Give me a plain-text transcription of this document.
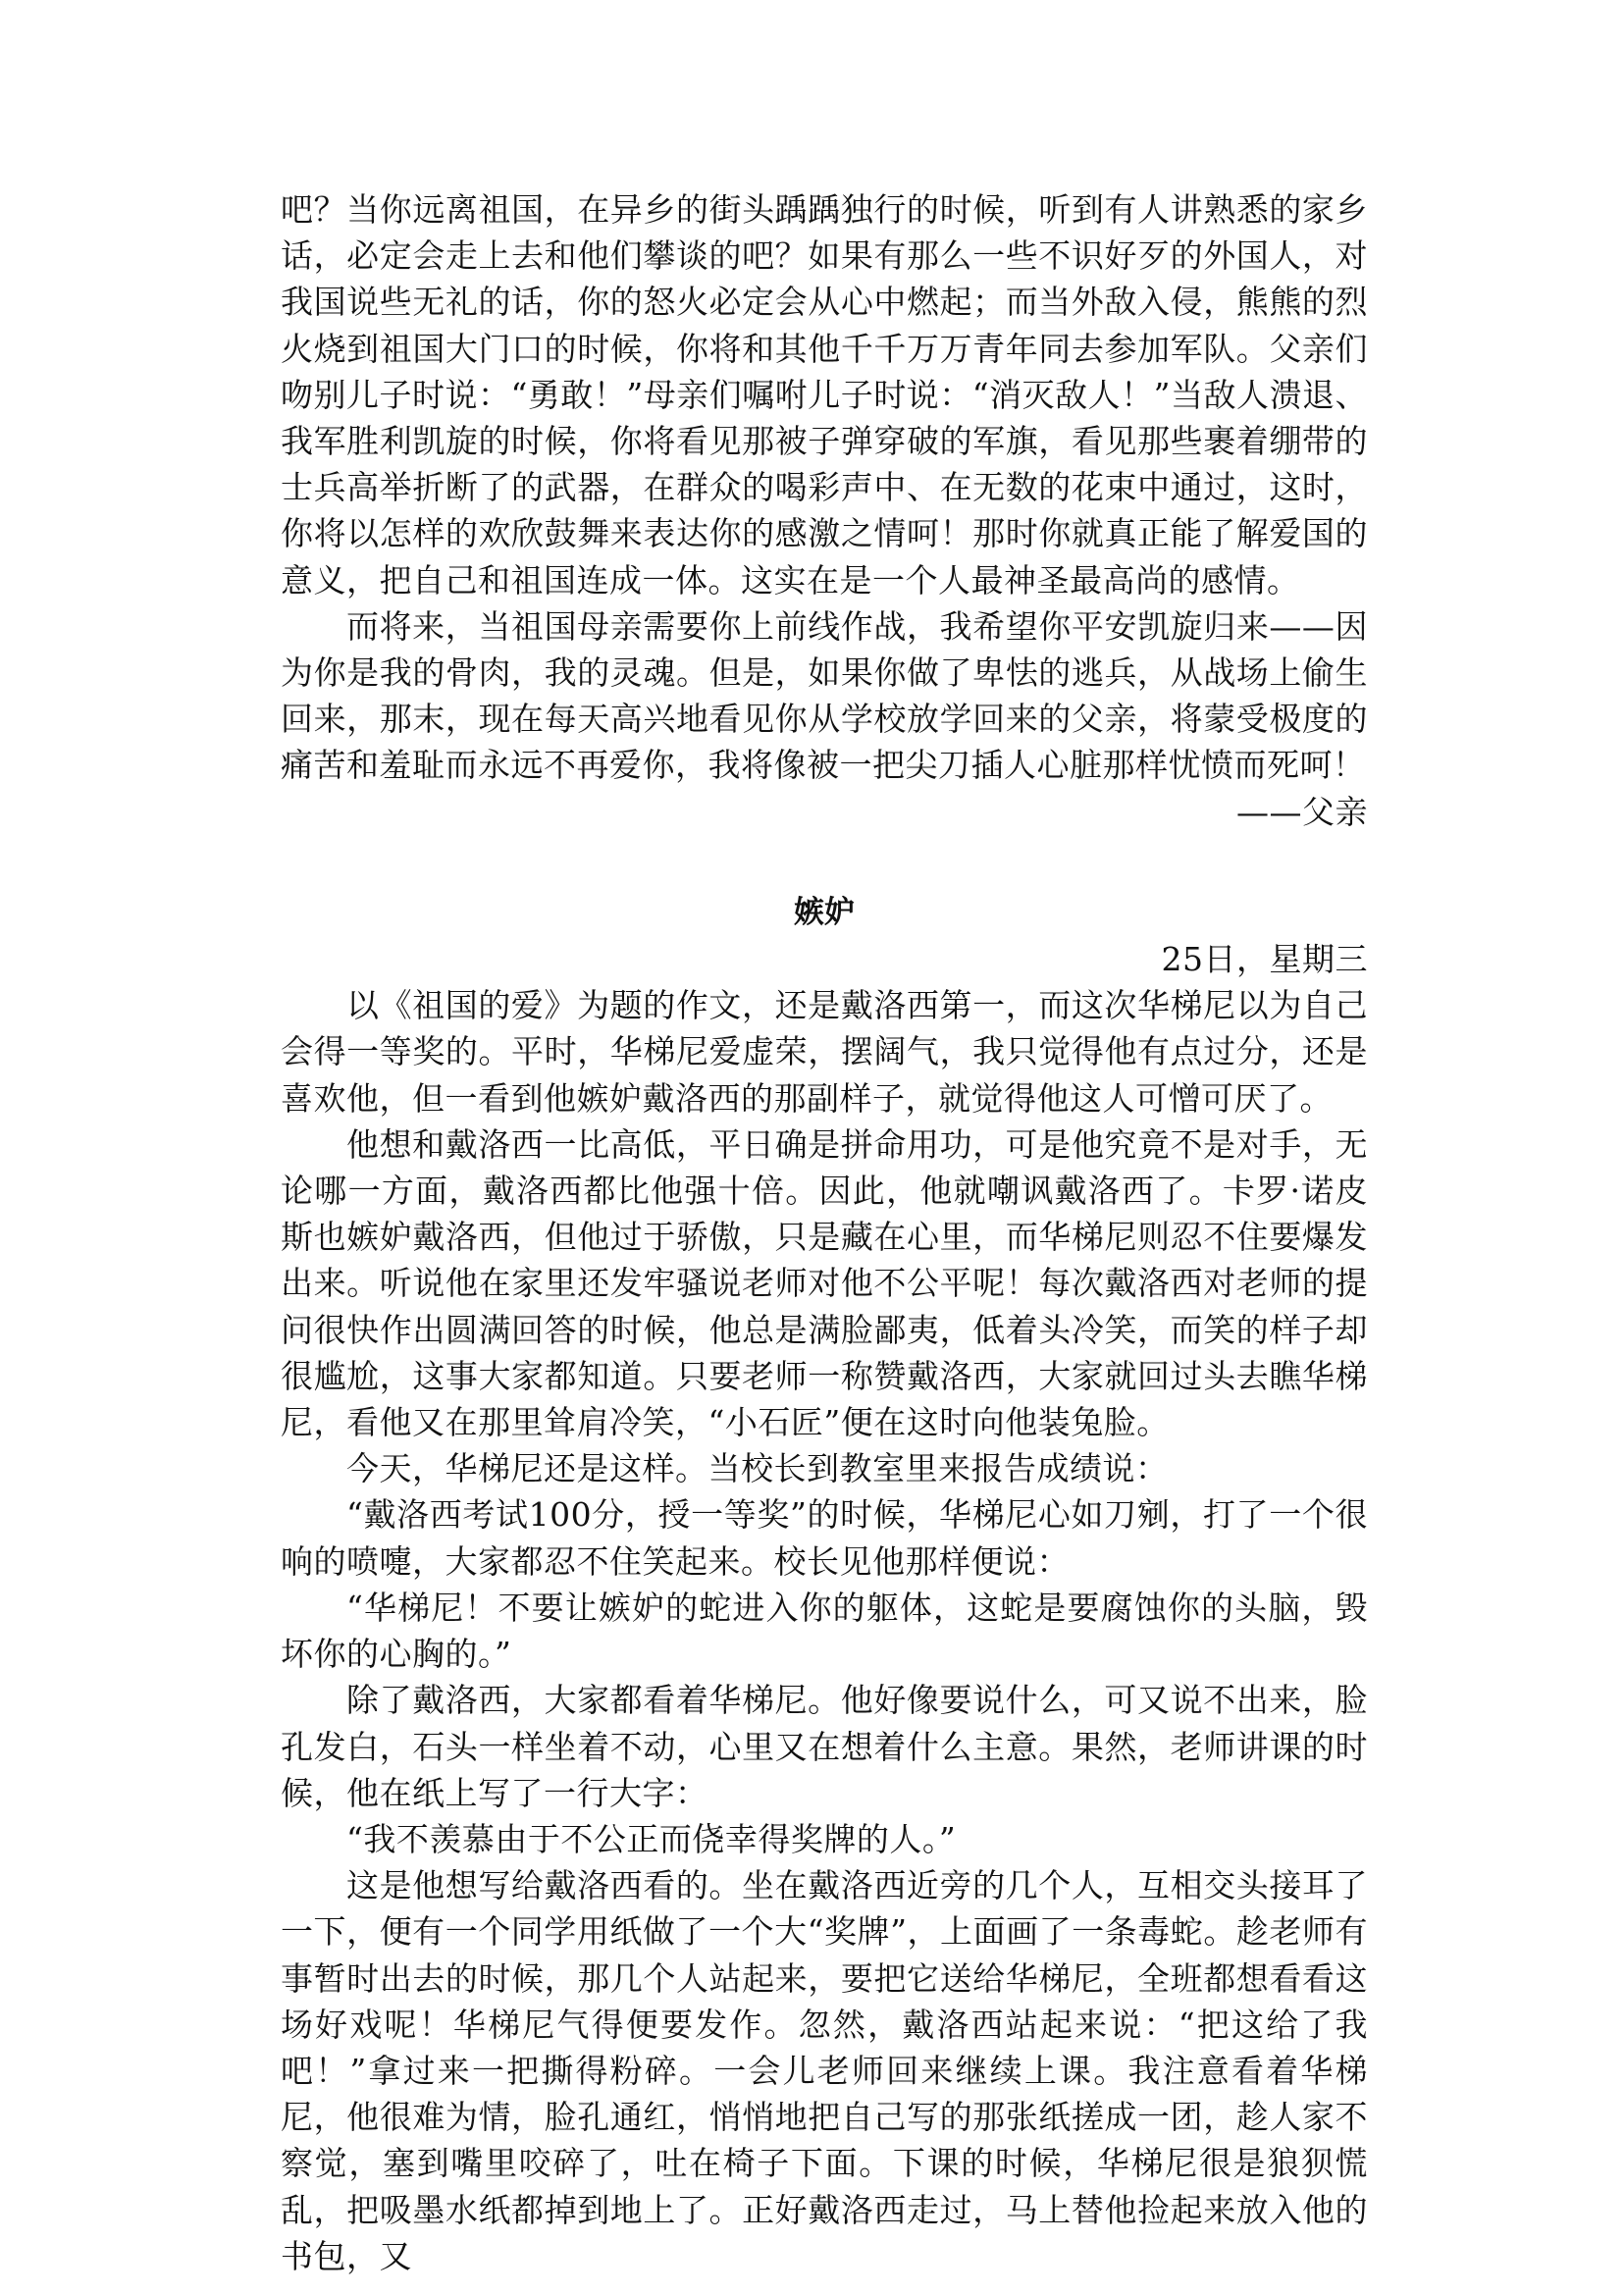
吧？当你远离祖国，在异乡的街头踽踽独行的时候，听到有人讲熟悉的家乡话，必定会走上去和他们攀谈的吧？如果有那么一些不识好歹的外国人，对我国说些无礼的话，你的怒火必定会从心中燃起；而当外敌入侵，熊熊的烈火烧到祖国大门口的时候，你将和其他千千万万青年同去参加军队。父亲们吻别儿子时说：“勇敢！”母亲们嘱咐儿子时说：“消灭敌人！”当敌人溃退、我军胜利凯旋的时候，你将看见那被子弹穿破的军旗，看见那些裹着绷带的士兵高举折断了的武器，在群众的喝彩声中、在无数的花束中通过，这时，你将以怎样的欢欣鼓舞来表达你的感激之情呵！那时你就真正能了解爱国的意义，把自己和祖国连成一体。这实在是一个人最神圣最高尚的感情。

而将来，当祖国母亲需要你上前线作战，我希望你平安凯旋归来——因为你是我的骨肉，我的灵魂。但是，如果你做了卑怯的逃兵，从战场上偷生回来，那末，现在每天高兴地看见你从学校放学回来的父亲，将蒙受极度的痛苦和羞耻而永远不再爱你，我将像被一把尖刀插人心脏那样忧愤而死呵！

——父亲

嫉妒

25日，星期三

以《祖国的爱》为题的作文，还是戴洛西第一，而这次华梯尼以为自己会得一等奖的。平时，华梯尼爱虚荣，摆阔气，我只觉得他有点过分，还是喜欢他，但一看到他嫉妒戴洛西的那副样子，就觉得他这人可憎可厌了。

他想和戴洛西一比高低，平日确是拼命用功，可是他究竟不是对手，无论哪一方面，戴洛西都比他强十倍。因此，他就嘲讽戴洛西了。卡罗·诺皮斯也嫉妒戴洛西，但他过于骄傲，只是藏在心里，而华梯尼则忍不住要爆发出来。听说他在家里还发牢骚说老师对他不公平呢！每次戴洛西对老师的提问很快作出圆满回答的时候，他总是满脸鄙夷，低着头冷笑，而笑的样子却很尴尬，这事大家都知道。只要老师一称赞戴洛西，大家就回过头去瞧华梯尼，看他又在那里耸肩冷笑，“小石匠”便在这时向他装兔脸。

今天，华梯尼还是这样。当校长到教室里来报告成绩说：

“戴洛西考试100分，授一等奖”的时候，华梯尼心如刀剜，打了一个很响的喷嚏，大家都忍不住笑起来。校长见他那样便说：

“华梯尼！不要让嫉妒的蛇进入你的躯体，这蛇是要腐蚀你的头脑，毁坏你的心胸的。”

除了戴洛西，大家都看着华梯尼。他好像要说什么，可又说不出来，脸孔发白，石头一样坐着不动，心里又在想着什么主意。果然，老师讲课的时候，他在纸上写了一行大字：

“我不羡慕由于不公正而侥幸得奖牌的人。”

这是他想写给戴洛西看的。坐在戴洛西近旁的几个人，互相交头接耳了一下，便有一个同学用纸做了一个大“奖牌”，上面画了一条毒蛇。趁老师有事暂时出去的时候，那几个人站起来，要把它送给华梯尼，全班都想看看这场好戏呢！华梯尼气得便要发作。忽然，戴洛西站起来说：“把这给了我吧！”拿过来一把撕得粉碎。一会儿老师回来继续上课。我注意看着华梯尼，他很难为情，脸孔通红，悄悄地把自己写的那张纸搓成一团，趁人家不察觉，塞到嘴里咬碎了，吐在椅子下面。下课的时候，华梯尼很是狼狈慌乱，把吸墨水纸都掉到地上了。正好戴洛西走过，马上替他捡起来放入他的书包，又
